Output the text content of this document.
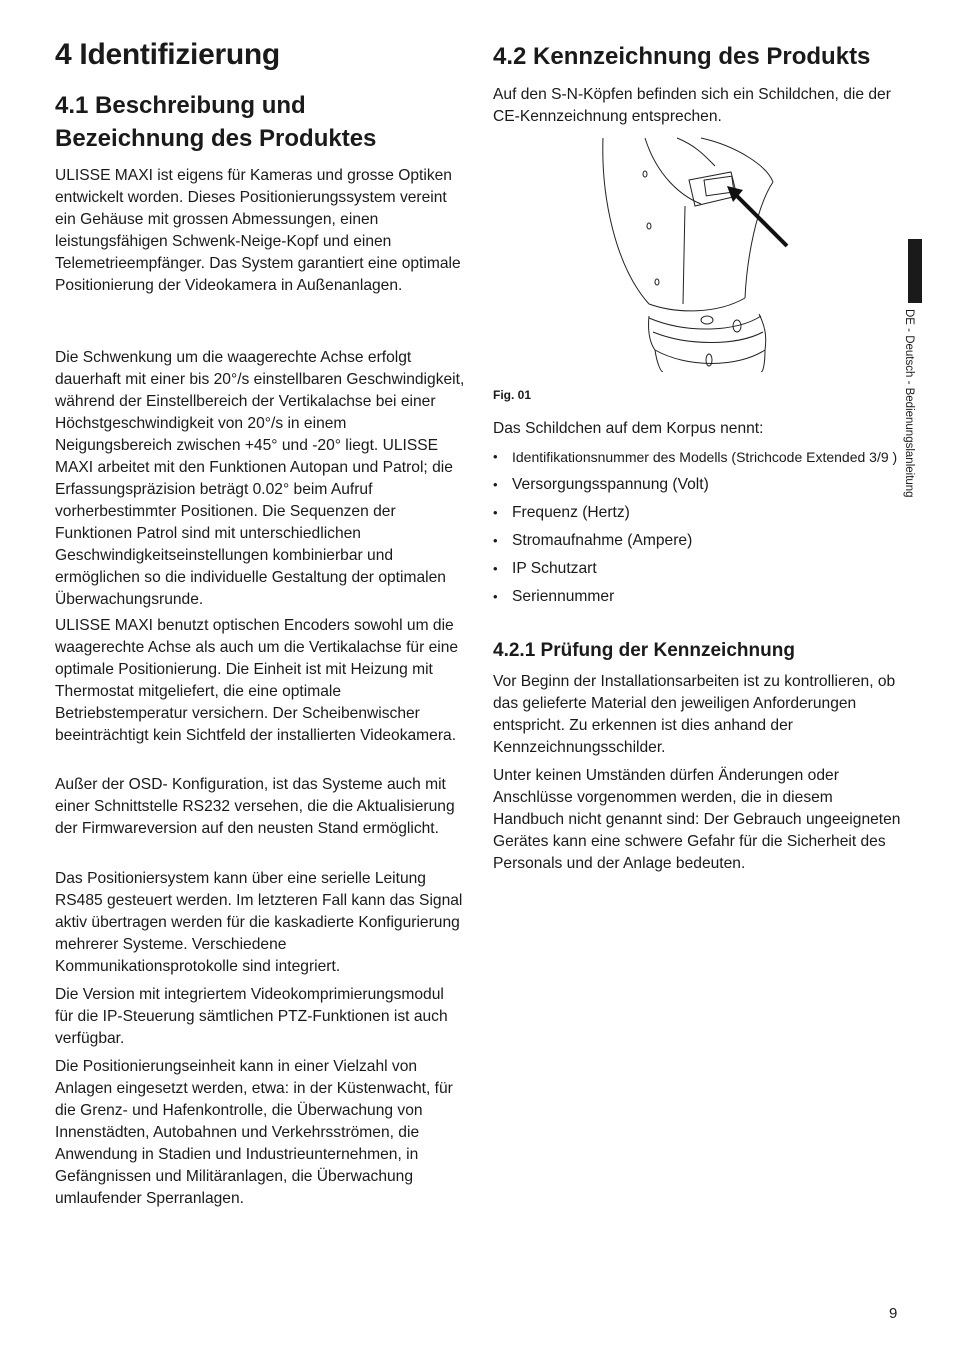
4 Identifizierung
4.1 Beschreibung und Bezeichnung des Produktes

ULISSE MAXI ist eigens für Kameras und grosse Optiken entwickelt worden. Dieses Positionierungssystem vereint ein Gehäuse mit grossen Abmessungen, einen leistungsfähigen Schwenk-Neige-Kopf und einen Telemetrieempfänger. Das System garantiert eine optimale Positionierung der Videokamera in Außenanlagen.

Die Schwenkung um die waagerechte Achse erfolgt dauerhaft mit einer bis 20°/s einstellbaren Geschwindigkeit, während der Einstellbereich der Vertikalachse bei einer Höchstgeschwindigkeit von 20°/s in einem Neigungsbereich zwischen +45° und -20° liegt. ULISSE MAXI arbeitet mit den Funktionen Autopan und Patrol; die Erfassungspräzision beträgt 0.02° beim Aufruf vorherbestimmter Positionen. Die Sequenzen der Funktionen Patrol sind mit unterschiedlichen Geschwindigkeitseinstellungen kombinierbar und ermöglichen so die individuelle Gestaltung der optimalen Überwachungsrunde.

ULISSE MAXI benutzt optischen Encoders sowohl um die waagerechte Achse als auch um die Vertikalachse für eine optimale Positionierung. Die Einheit ist mit Heizung mit Thermostat mitgeliefert, die eine optimale Betriebstemperatur versichern. Der Scheibenwischer beeinträchtigt kein Sichtfeld der installierten Videokamera.

Außer der OSD- Konfiguration, ist das Systeme auch mit einer Schnittstelle RS232 versehen, die die Aktualisierung der Firmwareversion auf den neusten Stand ermöglicht.

Das Positioniersystem kann über eine serielle Leitung RS485 gesteuert werden. Im letzteren Fall kann das Signal aktiv übertragen werden für die kaskadierte Konfigurierung mehrerer Systeme. Verschiedene Kommunikationsprotokolle sind integriert.

Die Version mit integriertem Videokomprimierungsmodul für die IP-Steuerung sämtlichen PTZ-Funktionen ist auch verfügbar.

Die Positionierungseinheit kann in einer Vielzahl von Anlagen eingesetzt werden, etwa: in der Küstenwacht, für die Grenz- und Hafenkontrolle, die Überwachung von Innenstädten, Autobahnen und Verkehrsströmen, die Anwendung in Stadien und Industrieunternehmen, in Gefängnissen und Militäranlagen, die Überwachung umlaufender Sperranlagen.

4.2 Kennzeichnung des Produkts

Auf den S-N-Köpfen befinden sich ein Schildchen, die der CE-Kennzeichnung entsprechen.

Fig. 01

Das Schildchen auf dem Korpus nennt:

• Identifikationsnummer des Modells (Strichcode Extended 3/9 )
• Versorgungsspannung (Volt)
• Frequenz (Hertz)
• Stromaufnahme (Ampere)
• IP Schutzart
• Seriennummer
4.2.1 Prüfung der Kennzeichnung

Vor Beginn der Installationsarbeiten ist zu kontrollieren, ob das gelieferte Material den jeweiligen Anforderungen entspricht. Zu erkennen ist dies anhand der Kennzeichnungsschilder.

Unter keinen Umständen dürfen Änderungen oder Anschlüsse vorgenommen werden, die in diesem Handbuch nicht genannt sind: Der Gebrauch ungeeigneten Gerätes kann eine schwere Gefahr für die Sicherheit des Personals und der Anlage bedeuten.

DE - Deutsch - Bedienungslanleitung
9
